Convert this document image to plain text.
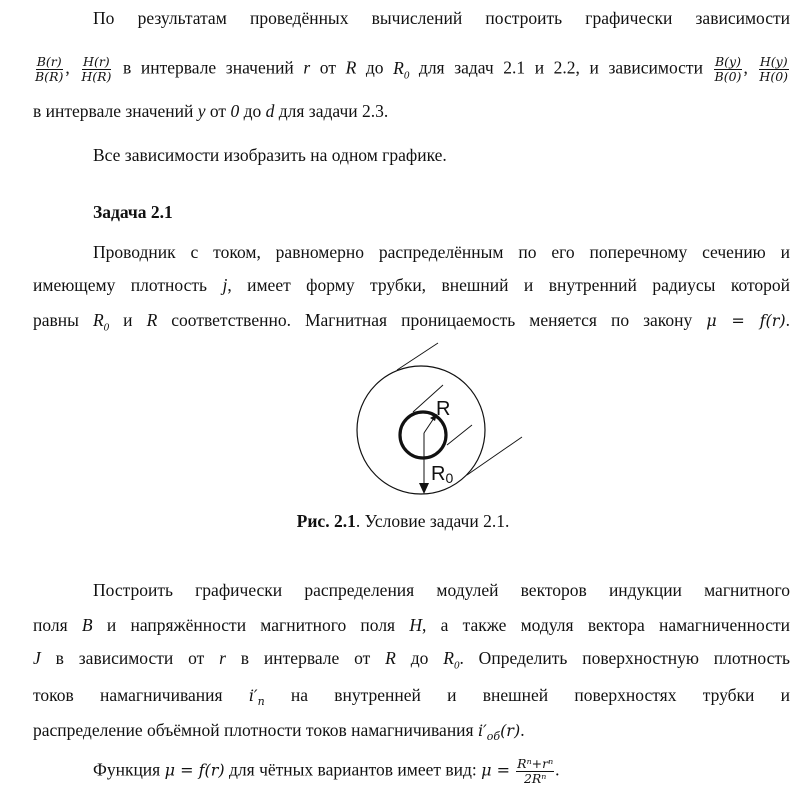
По результатам проведённых вычислений построить графически зависимости
$\frac{B(r)}{B(R)}$ , $\frac{H(r)}{H(R)}$ в интервале значений r от R до $R_0$ для задач 2.1 и 2.2, и зависимости $\frac{B(y)}{B(0)}$ , $\frac{H(y)}{H(0)}$
в интервале значений y от 0 до d для задачи 2.3.
Все зависимости изобразить на одном графике.
Задача 2.1
Проводник с током, равномерно распределённым по его поперечному сечению и
имеющему плотность j, имеет форму трубки, внешний и внутренний радиусы которой
равны $R_0$ и R соответственно. Магнитная проницаемость меняется по закону μ = f(r).
Построить графически распределения модулей векторов индукции магнитного
поля B и напряжённости магнитного поля H, а также модуля вектора намагниченности
J в зависимости от r в интервале от R до $R_0$. Определить поверхностную плотность
токов намагничивания $i'_п$ на внутренней и внешней поверхностях трубки и
распределение объёмной плотности токов намагничивания $i'_{об}(r)$.
Функция μ = f(r) для чётных вариантов имеет вид: $\mu = \frac{\text{Rⁿ+rⁿ}}{\text{2Rⁿ}}$ .
R
R0
Рис. 2.1. Условие задачи 2.1.
